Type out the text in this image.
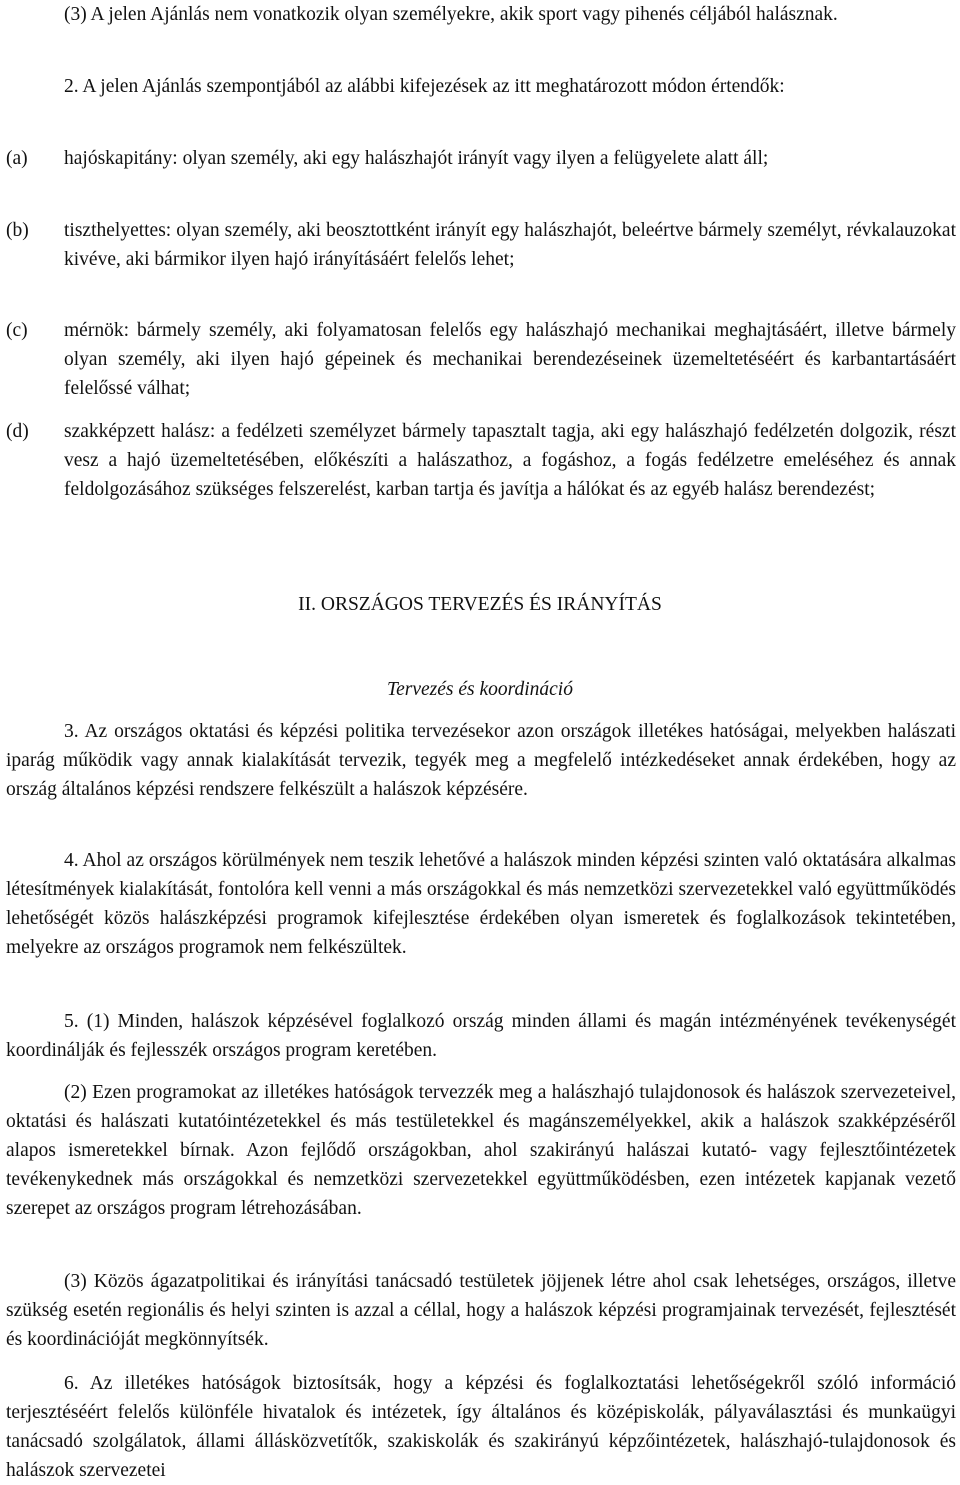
(3) A jelen Ajánlás nem vonatkozik olyan személyekre, akik sport vagy pihenés céljából halásznak.

2. A jelen Ajánlás szempontjából az alábbi kifejezések az itt meghatározott módon értendők:

(a) hajóskapitány: olyan személy, aki egy halászhajót irányít vagy ilyen a felügyelete alatt áll;
(b) tiszthelyettes: olyan személy, aki beosztottként irányít egy halászhajót, beleértve bármely személyt, révkalauzokat kivéve, aki bármikor ilyen hajó irányításáért felelős lehet;
(c) mérnök: bármely személy, aki folyamatosan felelős egy halászhajó mechanikai meghajtásáért, illetve bármely olyan személy, aki ilyen hajó gépeinek és mechanikai berendezéseinek üzemeltetéséért és karbantartásáért felelőssé válhat;
(d) szakképzett halász: a fedélzeti személyzet bármely tapasztalt tagja, aki egy halászhajó fedélzetén dolgozik, részt vesz a hajó üzemeltetésében, előkészíti a halászathoz, a fogáshoz, a fogás fedélzetre emeléséhez és annak feldolgozásához szükséges felszerelést, karban tartja és javítja a hálókat és az egyéb halász berendezést;
II. ORSZÁGOS TERVEZÉS ÉS IRÁNYÍTÁS
Tervezés és koordináció

3. Az országos oktatási és képzési politika tervezésekor azon országok illetékes hatóságai, melyekben halászati iparág működik vagy annak kialakítását tervezik, tegyék meg a megfelelő intézkedéseket annak érdekében, hogy az ország általános képzési rendszere felkészült a halászok képzésére.

4. Ahol az országos körülmények nem teszik lehetővé a halászok minden képzési szinten való oktatására alkalmas létesítmények kialakítását, fontolóra kell venni a más országokkal és más nemzetközi szervezetekkel való együttműködés lehetőségét közös halászképzési programok kifejlesztése érdekében olyan ismeretek és foglalkozások tekintetében, melyekre az országos programok nem felkészültek.

5. (1) Minden, halászok képzésével foglalkozó ország minden állami és magán intézményének tevékenységét koordinálják és fejlesszék országos program keretében.

(2) Ezen programokat az illetékes hatóságok tervezzék meg a halászhajó tulajdonosok és halászok szervezeteivel, oktatási és halászati kutatóintézetekkel és más testületekkel és magánszemélyekkel, akik a halászok szakképzéséről alapos ismeretekkel bírnak. Azon fejlődő országokban, ahol szakirányú halászai kutató- vagy fejlesztőintézetek tevékenykednek más országokkal és nemzetközi szervezetekkel együttműködésben, ezen intézetek kapjanak vezető szerepet az országos program létrehozásában.

(3) Közös ágazatpolitikai és irányítási tanácsadó testületek jöjjenek létre ahol csak lehetséges, országos, illetve szükség esetén regionális és helyi szinten is azzal a céllal, hogy a halászok képzési programjainak tervezését, fejlesztését és koordinációját megkönnyítsék.

6. Az illetékes hatóságok biztosítsák, hogy a képzési és foglalkoztatási lehetőségekről szóló információ terjesztéséért felelős különféle hivatalok és intézetek, így általános és középiskolák, pályaválasztási és munkaügyi tanácsadó szolgálatok, állami állásközvetítők, szakiskolák és szakirányú képzőintézetek, halászhajó-tulajdonosok és halászok szervezetei
